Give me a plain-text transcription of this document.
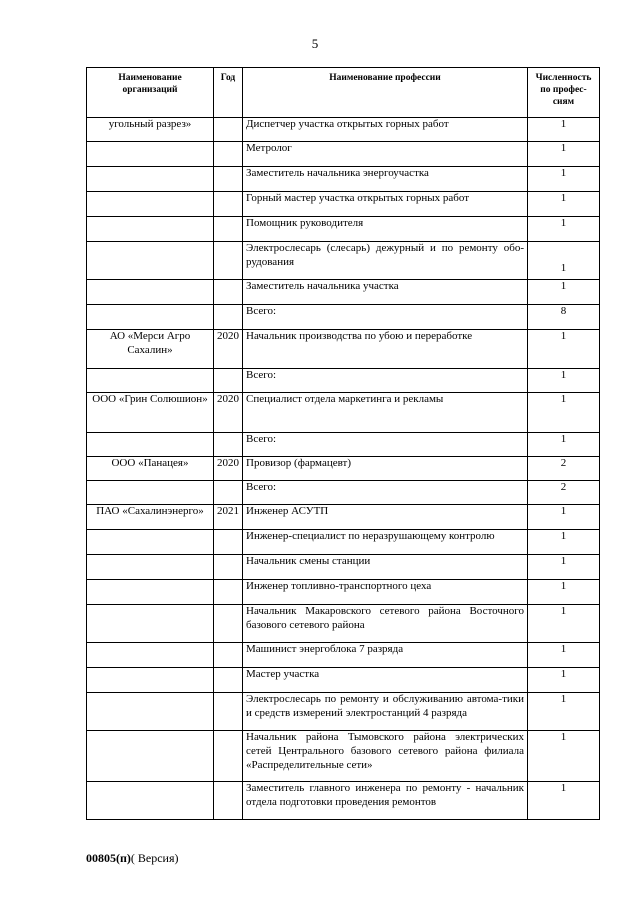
5
Наименование организаций	Год	Наименование профессии	Численность по профес-сиям
угольный разрез»		Диспетчер участка открытых горных работ	1
		Метролог	1
		Заместитель начальника энергоучастка	1
		Горный мастер участка открытых горных работ	1
		Помощник руководителя	1
		Электрослесарь (слесарь) дежурный и по ремонту обо-рудования	1
		Заместитель начальника участка	1
		Всего:	8
АО «Мерси Агро Сахалин»	2020	Начальник производства по убою и переработке	1
		Всего:	1
ООО «Грин Солюшион»	2020	Специалист отдела маркетинга и рекламы	1
		Всего:	1
ООО «Панацея»	2020	Провизор (фармацевт)	2
		Всего:	2
ПАО «Сахалинэнерго»	2021	Инженер АСУТП	1
		Инженер-специалист по неразрушающему контролю	1
		Начальник смены станции	1
		Инженер топливно-транспортного цеха	1
		Начальник Макаровского сетевого района Восточного базового сетевого района	1
		Машинист энергоблока 7 разряда	1
		Мастер участка	1
		Электрослесарь по ремонту и обслуживанию автома-тики и средств измерений электростанций 4 разряда	1
		Начальник района Тымовского района электрических сетей Центрального базового сетевого района филиала «Распределительные сети»	1
		Заместитель главного инженера по ремонту - начальник отдела подготовки проведения ремонтов	1
00805(п)( Версия)
